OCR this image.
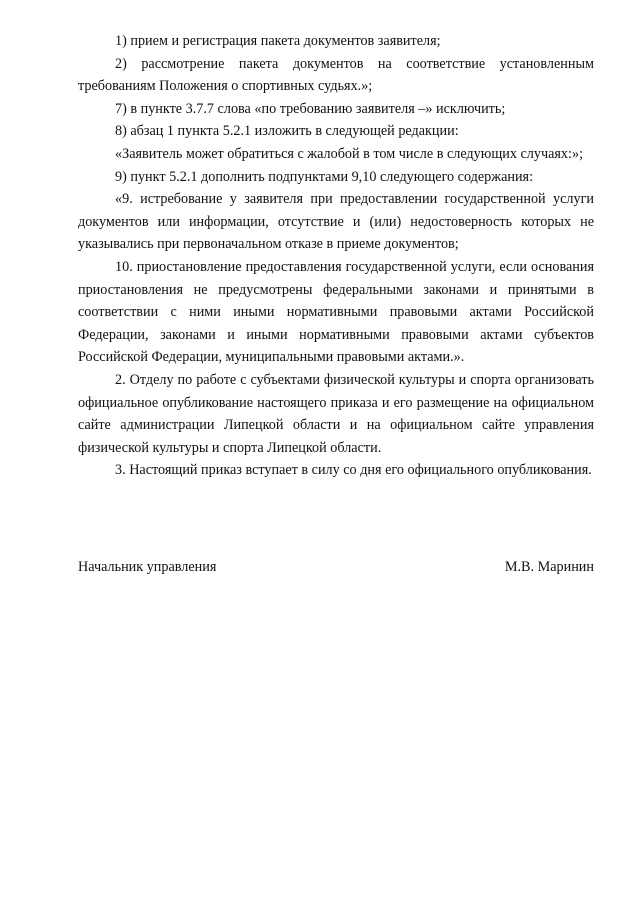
1) прием и регистрация пакета документов заявителя;

2) рассмотрение пакета документов на соответствие установленным требованиям Положения о спортивных судьях.»;

7) в пункте 3.7.7 слова «по требованию заявителя –» исключить;

8) абзац 1 пункта 5.2.1 изложить в следующей редакции:

«Заявитель может обратиться с жалобой в том числе в следующих случаях:»;

9) пункт 5.2.1 дополнить подпунктами 9,10 следующего содержания:

«9. истребование у заявителя при предоставлении государственной услуги документов или информации, отсутствие и (или) недостоверность которых не указывались при первоначальном отказе в приеме документов;

10. приостановление предоставления государственной услуги, если основания приостановления не предусмотрены федеральными законами и принятыми в соответствии с ними иными нормативными правовыми актами Российской Федерации, законами и иными нормативными правовыми актами субъектов Российской Федерации, муниципальными правовыми актами.».

2. Отделу по работе с субъектами физической культуры и спорта организовать официальное опубликование настоящего приказа и его размещение на официальном сайте администрации Липецкой области и на официальном сайте управления физической культуры и спорта Липецкой области.

3. Настоящий приказ вступает в силу со дня его официального опубликования.

Начальник управления	М.В. Маринин
